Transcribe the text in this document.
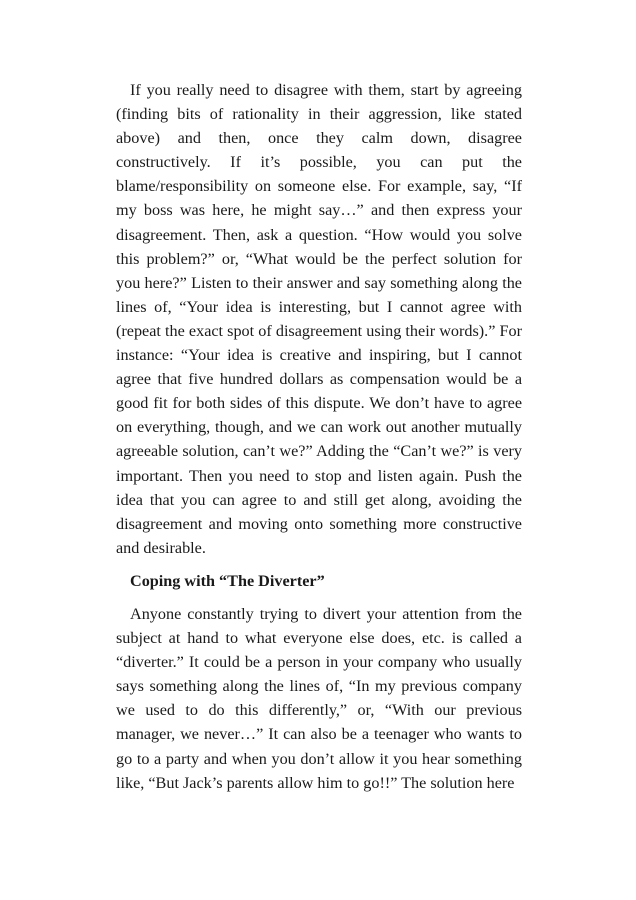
If you really need to disagree with them, start by agreeing (finding bits of rationality in their aggression, like stated above) and then, once they calm down, disagree constructively. If it’s possible, you can put the blame/responsibility on someone else. For example, say, “If my boss was here, he might say…” and then express your disagreement. Then, ask a question. “How would you solve this problem?” or, “What would be the perfect solution for you here?” Listen to their answer and say something along the lines of, “Your idea is interesting, but I cannot agree with (repeat the exact spot of disagreement using their words).” For instance: “Your idea is creative and inspiring, but I cannot agree that five hundred dollars as compensation would be a good fit for both sides of this dispute. We don’t have to agree on everything, though, and we can work out another mutually agreeable solution, can’t we?” Adding the “Can’t we?” is very important. Then you need to stop and listen again. Push the idea that you can agree to and still get along, avoiding the disagreement and moving onto something more constructive and desirable.

Coping with “The Diverter”

Anyone constantly trying to divert your attention from the subject at hand to what everyone else does, etc. is called a “diverter.” It could be a person in your company who usually says something along the lines of, “In my previous company we used to do this differently,” or, “With our previous manager, we never…” It can also be a teenager who wants to go to a party and when you don’t allow it you hear something like, “But Jack’s parents allow him to go!!” The solution here
